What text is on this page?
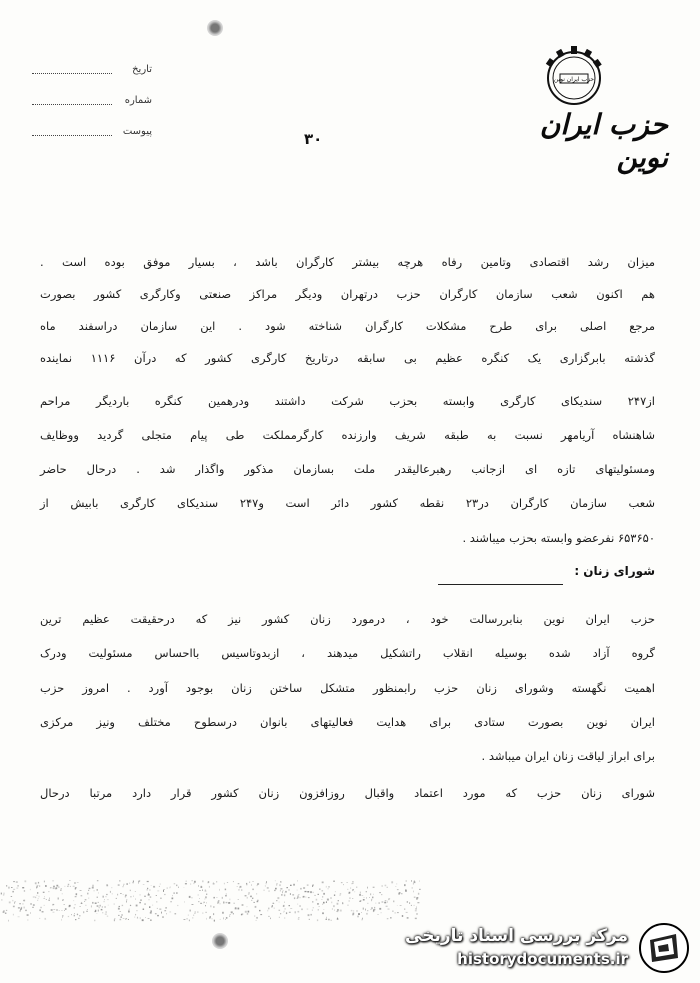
تاریخ
شماره
پیوست	۳۰
حزب ایران نوین
حزب ایران نوین
میزان رشد اقتصادی وتامین رفاه هرچه بیشتر کارگران باشد ، بسیار موفق بوده است .
هم اکنون شعب سازمان کارگران حزب درتهران ودیگر مراکز صنعتی وکارگری کشور بصورت
مرجع اصلی برای طرح مشکلات کارگران شناخته شود . این سازمان دراسفند ماه
گذشته بابرگزاری یک کنگره عظیم بی سابقه درتاریخ کارگری کشور که درآن ۱۱۱۶ نماینده
از۲۴۷ سندیکای کارگری وابسته بحزب شرکت داشتند ودرهمین کنگره باردیگر مراحم
شاهنشاه آریامهر نسبت به طبقه شریف وارزنده کارگرمملکت طی پیام متجلی گردید ووظایف
ومسئولیتهای تازه ای ازجانب رهبرعالیقدر ملت بسازمان مذکور واگذار شد . درحال حاضر
شعب سازمان کارگران در۲۳ نقطه کشور دائر است و۲۴۷ سندیکای کارگری بابیش از
۶۵۳۶۵۰ نفرعضو وابسته بحزب میباشند .
حزب ایران نوین بنابررسالت خود ، درمورد زنان کشور نیز که درحقیقت عظیم ترین
گروه آزاد شده بوسیله انقلاب راتشکیل میدهند ، ازبدوتاسیس بااحساس مسئولیت ودرک
اهمیت نگهسته وشورای زنان حزب رابمنظور متشکل ساختن زنان بوجود آورد . امروز حزب
ایران نوین بصورت ستادی برای هدایت فعالیتهای بانوان درسطوح مختلف ونیز مرکزی
برای ابراز لیاقت زنان ایران میباشد .
شورای زنان حزب که مورد اعتماد واقبال روزافزون زنان کشور قرار دارد مرتبا درحال
شورای زنان :
مرکز بررسی اسناد تاریخی
historydocuments.ir
